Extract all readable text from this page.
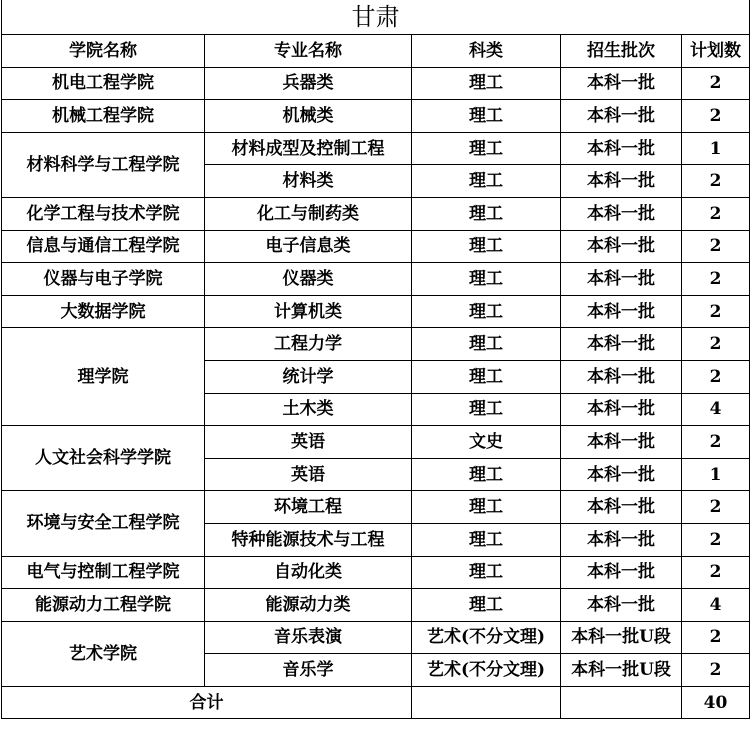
甘肃				
学院名称	专业名称	科类	招生批次	计划数
机电工程学院	兵器类	理工	本科一批	2
机械工程学院	机械类	理工	本科一批	2
材料科学与工程学院	材料成型及控制工程	理工	本科一批	1
	材料类	理工	本科一批	2
化学工程与技术学院	化工与制药类	理工	本科一批	2
信息与通信工程学院	电子信息类	理工	本科一批	2
仪器与电子学院	仪器类	理工	本科一批	2
大数据学院	计算机类	理工	本科一批	2
理学院	工程力学	理工	本科一批	2
	统计学	理工	本科一批	2
	土木类	理工	本科一批	4
人文社会科学学院	英语	文史	本科一批	2
	英语	理工	本科一批	1
环境与安全工程学院	环境工程	理工	本科一批	2
	特种能源技术与工程	理工	本科一批	2
电气与控制工程学院	自动化类	理工	本科一批	2
能源动力工程学院	能源动力类	理工	本科一批	4
艺术学院	音乐表演	艺术(不分文理)	本科一批U段	2
	音乐学	艺术(不分文理)	本科一批U段	2
合计				40
